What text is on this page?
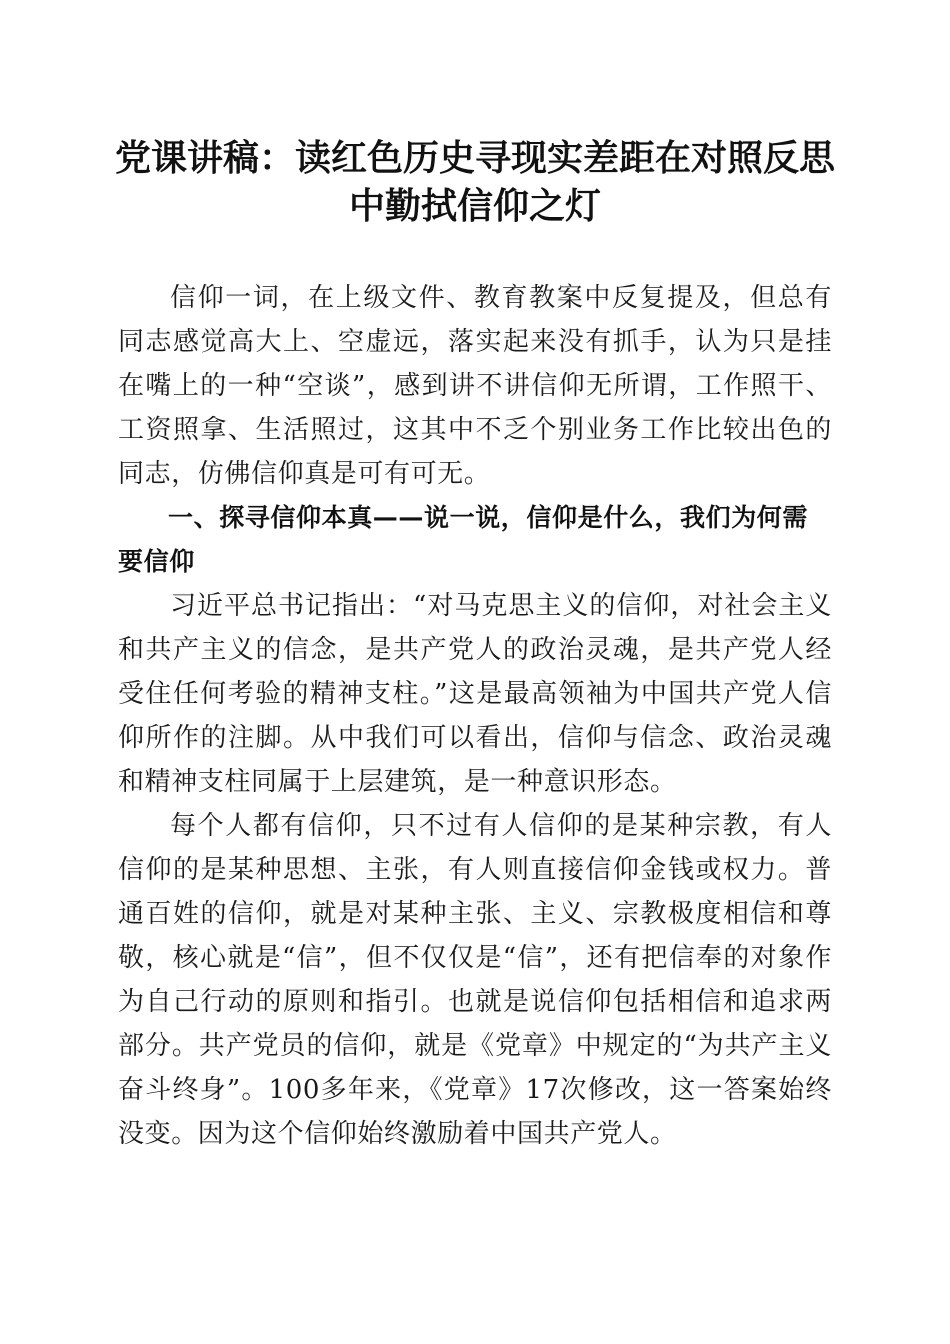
党课讲稿：读红色历史寻现实差距在对照反思
中勤拭信仰之灯

信仰一词，在上级文件、教育教案中反复提及，但总有同志感觉高大上、空虚远，落实起来没有抓手，认为只是挂在嘴上的一种“空谈”，感到讲不讲信仰无所谓，工作照干、工资照拿、生活照过，这其中不乏个别业务工作比较出色的同志，仿佛信仰真是可有可无。

一、探寻信仰本真——说一说，信仰是什么，我们为何需要信仰

习近平总书记指出：“对马克思主义的信仰，对社会主义和共产主义的信念，是共产党人的政治灵魂，是共产党人经受住任何考验的精神支柱。”这是最高领袖为中国共产党人信仰所作的注脚。从中我们可以看出，信仰与信念、政治灵魂和精神支柱同属于上层建筑，是一种意识形态。

每个人都有信仰，只不过有人信仰的是某种宗教，有人信仰的是某种思想、主张，有人则直接信仰金钱或权力。普通百姓的信仰，就是对某种主张、主义、宗教极度相信和尊敬，核心就是“信”，但不仅仅是“信”，还有把信奉的对象作为自己行动的原则和指引。也就是说信仰包括相信和追求两部分。共产党员的信仰，就是《党章》中规定的“为共产主义奋斗终身”。100多年来，《党章》17次修改，这一答案始终没变。因为这个信仰始终激励着中国共产党人。
